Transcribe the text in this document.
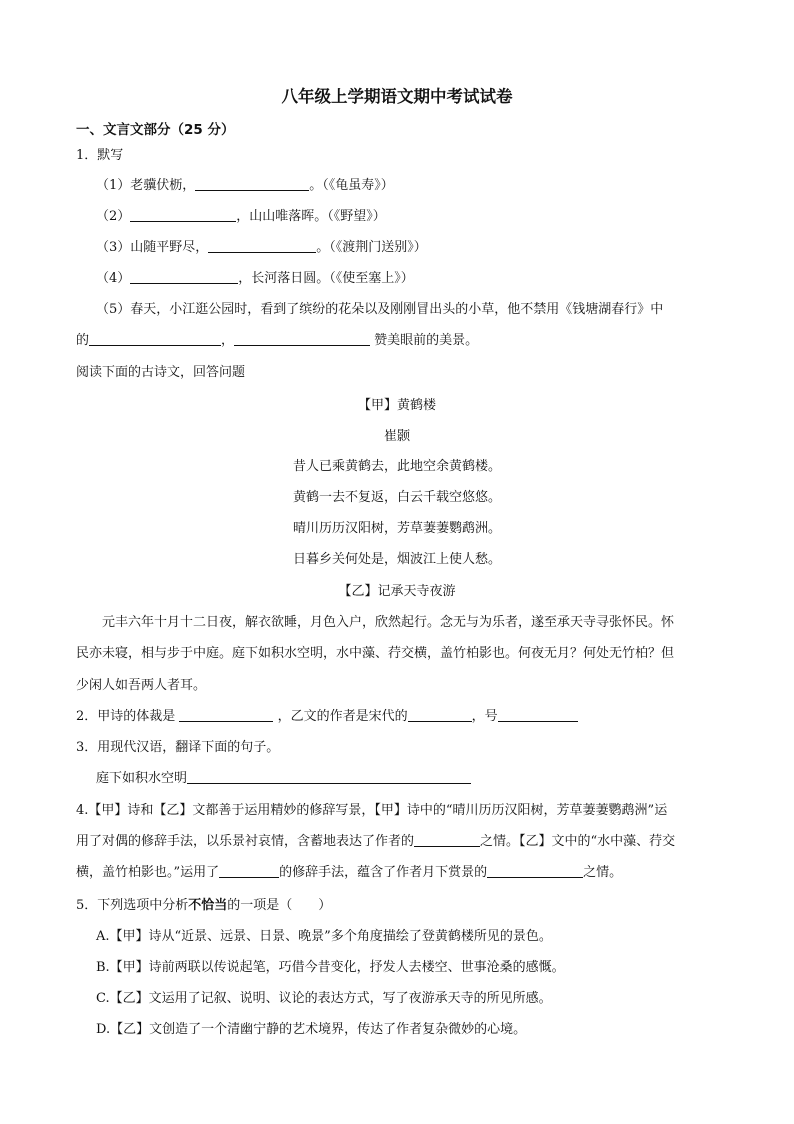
八年级上学期语文期中考试试卷
一、文言文部分（25 分）
1．默写
（1）老骥伏枥，	。（《龟虽寿》）
（2）	，山山唯落晖。（《野望》）
（3）山随平野尽，	。（《渡荆门送别》）
（4）	，长河落日圆。（《使至塞上》）
（5）春天，小江逛公园时，看到了缤纷的花朵以及刚刚冒出头的小草，他不禁用《钱塘湖春行》中
的	，	赞美眼前的美景。
阅读下面的古诗文，回答问题
【甲】黄鹤楼
崔颢
昔人已乘黄鹤去，此地空余黄鹤楼。
黄鹤一去不复返，白云千载空悠悠。
晴川历历汉阳树，芳草萋萋鹦鹉洲。
日暮乡关何处是，烟波江上使人愁。
【乙】记承天寺夜游
元丰六年十月十二日夜，解衣欲睡，月色入户，欣然起行。念无与为乐者，遂至承天寺寻张怀民。怀
民亦未寝，相与步于中庭。庭下如积水空明，水中藻、荇交横，盖竹柏影也。何夜无月？何处无竹柏？但
少闲人如吾两人者耳。
2．甲诗的体裁是	，乙文的作者是宋代的	，号
3．用现代汉语，翻译下面的句子。
庭下如积水空明
4.【甲】诗和【乙】文都善于运用精妙的修辞写景，【甲】诗中的“晴川历历汉阳树，芳草萋萋鹦鹉洲”运
用了对偶的修辞手法，以乐景衬哀情，含蓄地表达了作者的	之情。【乙】文中的“水中藻、荇交
横，盖竹柏影也。”运用了	的修辞手法，蕴含了作者月下赏景的	之情。
5．下列选项中分析不恰当的一项是（　　）
A.【甲】诗从“近景、远景、日景、晚景”多个角度描绘了登黄鹤楼所见的景色。
B.【甲】诗前两联以传说起笔，巧借今昔变化，抒发人去楼空、世事沧桑的感慨。
C.【乙】文运用了记叙、说明、议论的表达方式，写了夜游承天寺的所见所感。
D.【乙】文创造了一个清幽宁静的艺术境界，传达了作者复杂微妙的心境。
